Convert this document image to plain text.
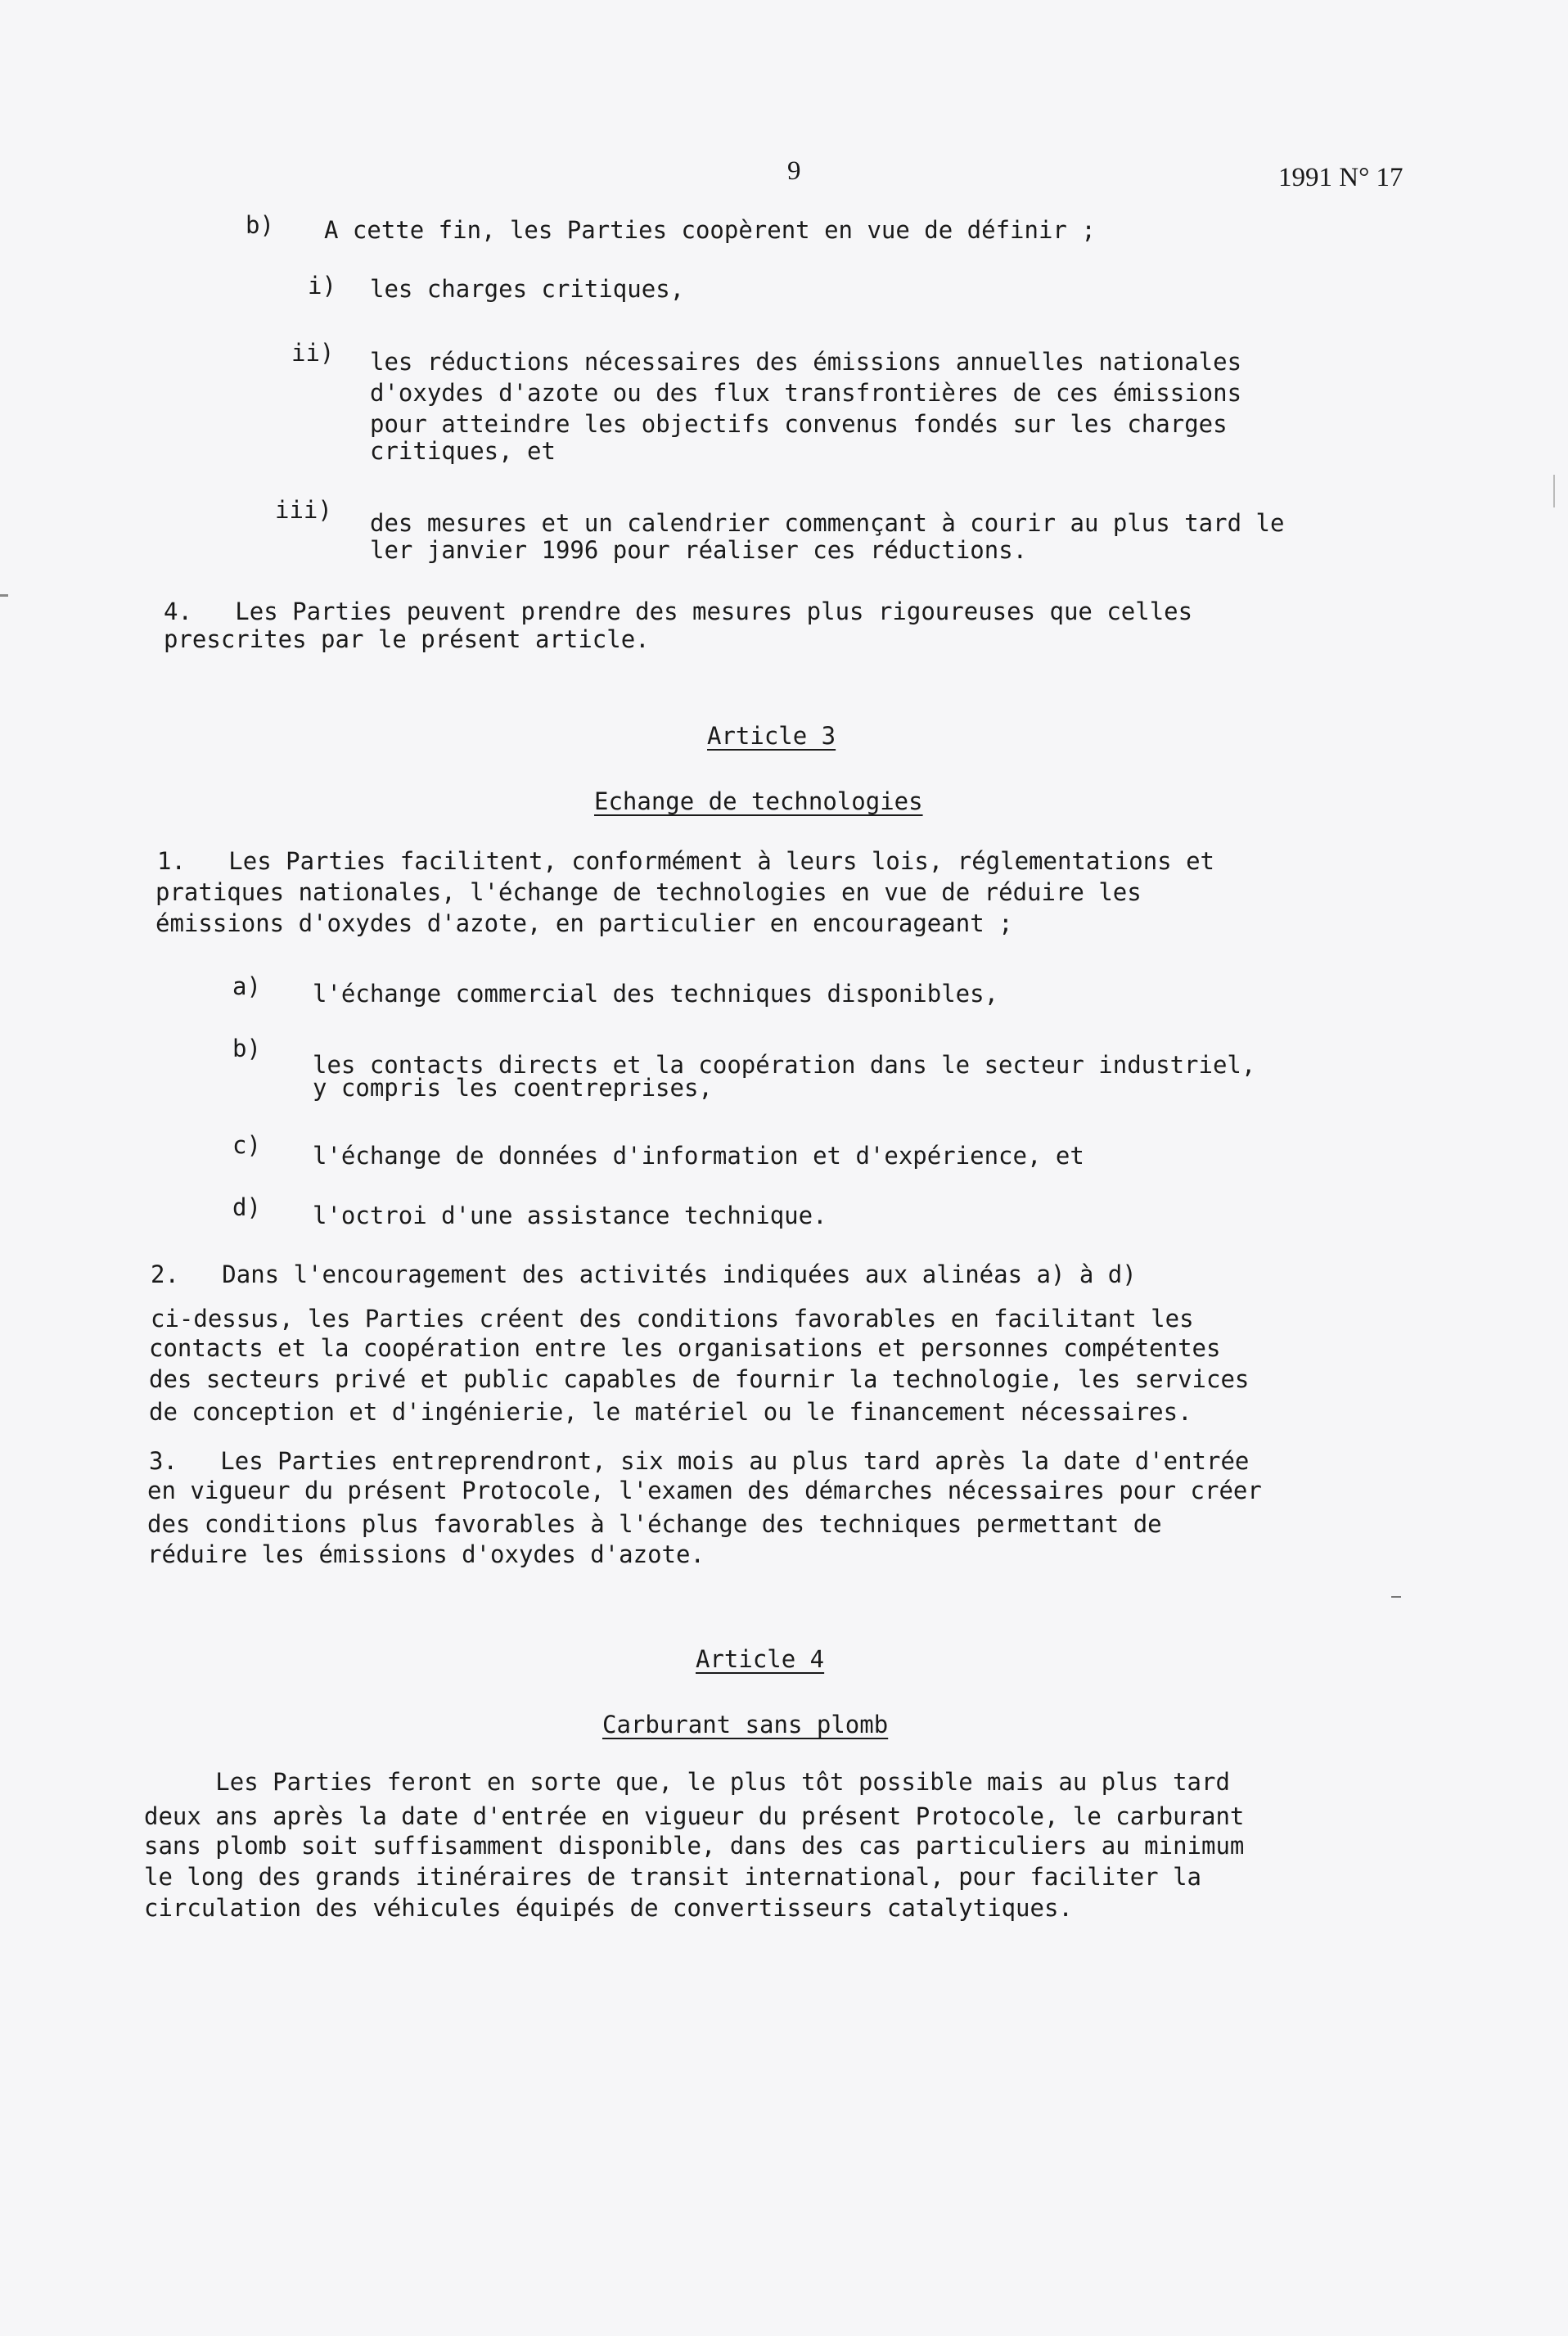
9	1991 N° 17
b) A cette fin, les Parties coopèrent en vue de définir ;
i) les charges critiques,
ii) les réductions nécessaires des émissions annuelles nationales
d'oxydes d'azote ou des flux transfrontières de ces émissions
pour atteindre les objectifs convenus fondés sur les charges
critiques, et
iii) des mesures et un calendrier commençant à courir au plus tard le
ler janvier 1996 pour réaliser ces réductions.
4.   Les Parties peuvent prendre des mesures plus rigoureuses que celles
prescrites par le présent article.
Article 3
Echange de technologies
1.   Les Parties facilitent, conformément à leurs lois, réglementations et
pratiques nationales, l'échange de technologies en vue de réduire les
émissions d'oxydes d'azote, en particulier en encourageant ;
a) l'échange commercial des techniques disponibles,
b)
les contacts directs et la coopération dans le secteur industriel,
y compris les coentreprises,
c) l'échange de données d'information et d'expérience, et
d) l'octroi d'une assistance technique.
2.   Dans l'encouragement des activités indiquées aux alinéas a) à d)
ci-dessus, les Parties créent des conditions favorables en facilitant les
contacts et la coopération entre les organisations et personnes compétentes
des secteurs privé et public capables de fournir la technologie, les services
de conception et d'ingénierie, le matériel ou le financement nécessaires.
3.   Les Parties entreprendront, six mois au plus tard après la date d'entrée
en vigueur du présent Protocole, l'examen des démarches nécessaires pour créer
des conditions plus favorables à l'échange des techniques permettant de
réduire les émissions d'oxydes d'azote.
Article 4
Carburant sans plomb
Les Parties feront en sorte que, le plus tôt possible mais au plus tard
deux ans après la date d'entrée en vigueur du présent Protocole, le carburant
sans plomb soit suffisamment disponible, dans des cas particuliers au minimum
le long des grands itinéraires de transit international, pour faciliter la
circulation des véhicules équipés de convertisseurs catalytiques.
